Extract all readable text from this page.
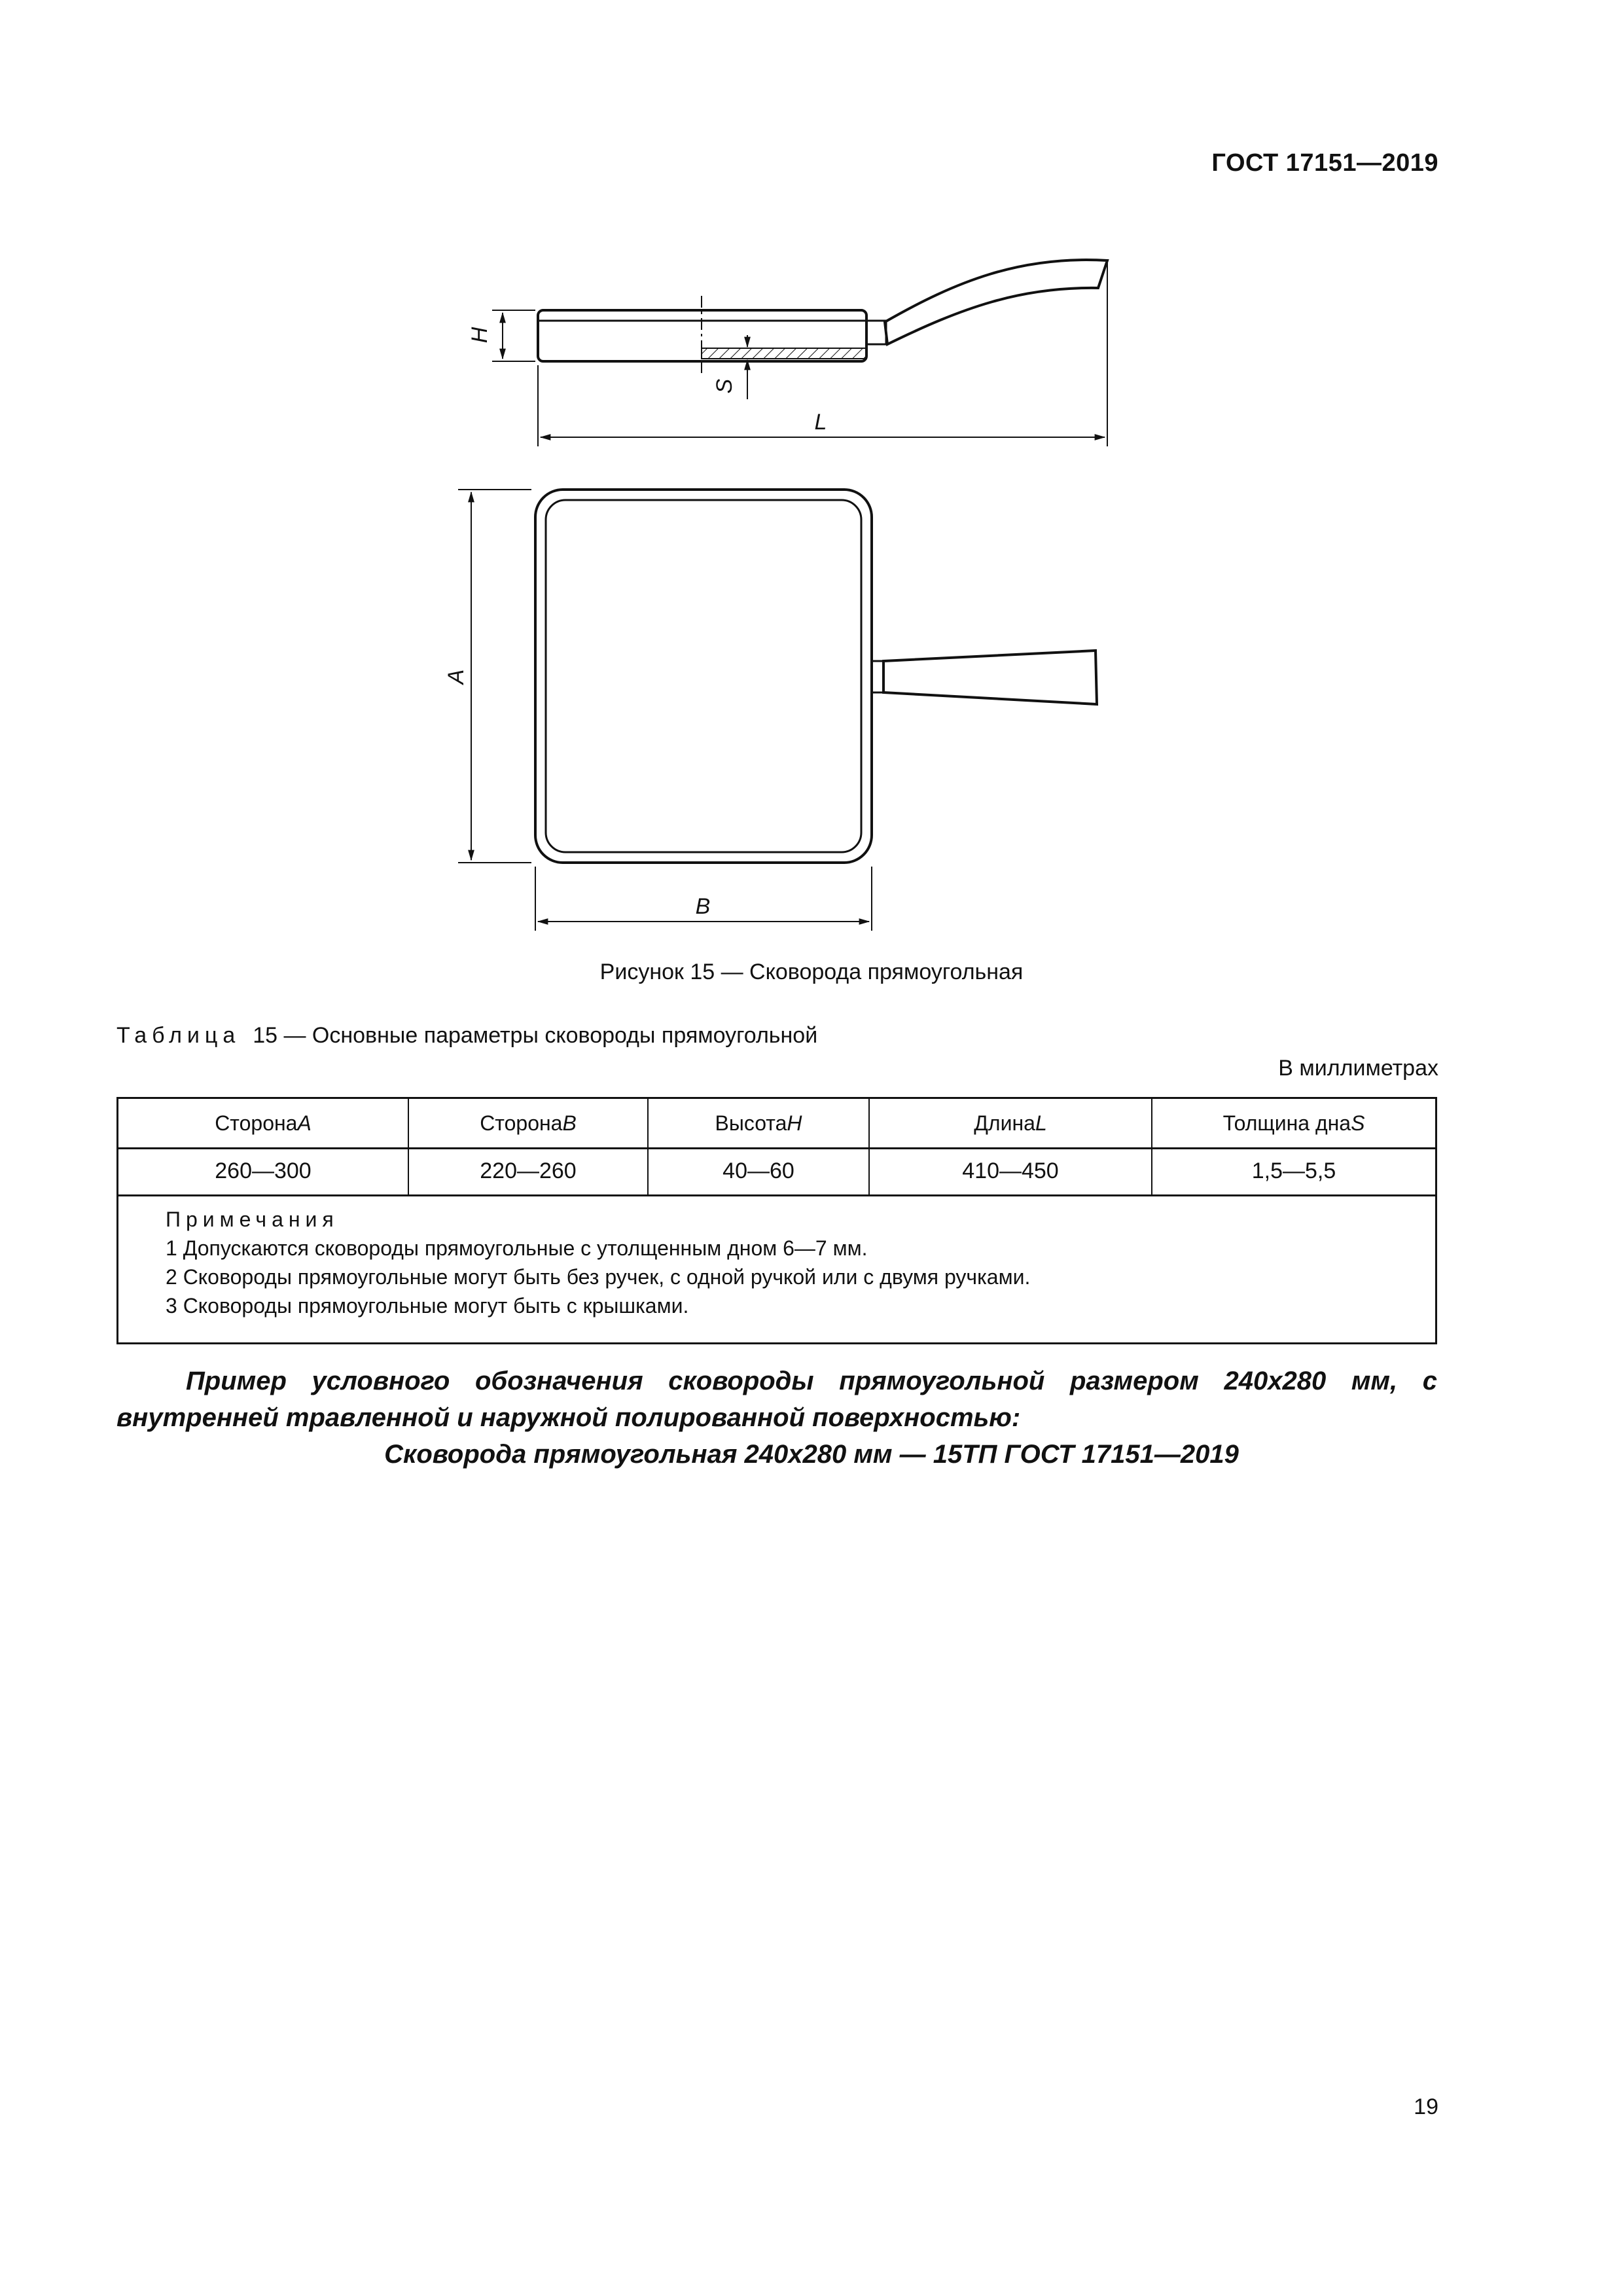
ГОСТ 17151—2019
H
S
L
A
B
Рисунок 15 — Сковорода прямоугольная
Таблица 15 — Основные параметры сковороды прямоугольной
В миллиметрах
Сторона A	Сторона B	Высота H	Длина L	Толщина дна S
260—300	220—260	40—60	410—450	1,5—5,5
Примечания
1 Допускаются сковороды прямоугольные с утолщенным дном 6—7 мм.
2 Сковороды прямоугольные могут быть без ручек, с одной ручкой или с двумя ручками.
3 Сковороды прямоугольные могут быть с крышками.
Пример условного обозначения сковороды прямоугольной размером 240х280 мм, с внутренней травленной и наружной полированной поверхностью:
Сковорода прямоугольная 240х280 мм — 15ТП ГОСТ 17151—2019
19
